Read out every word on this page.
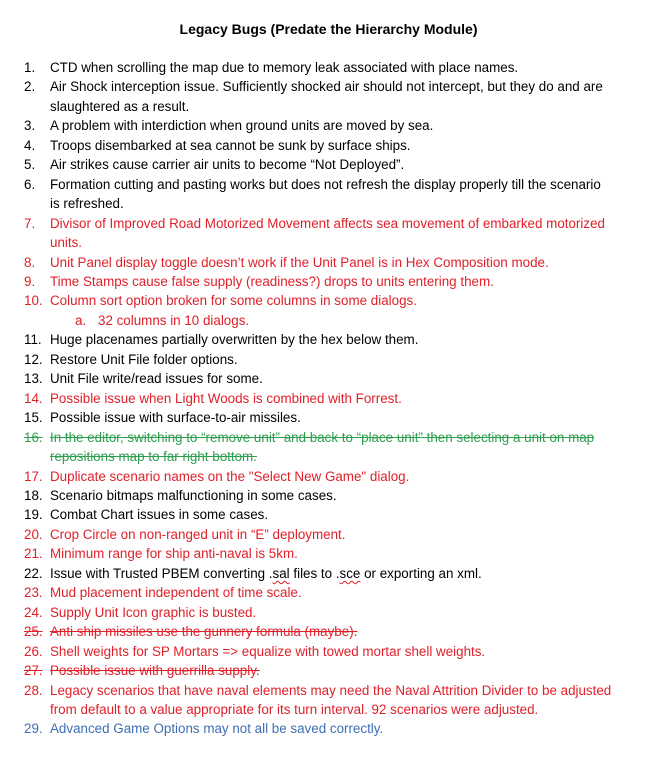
Legacy Bugs (Predate the Hierarchy Module)
1.	CTD when scrolling the map due to memory leak associated with place names.
2.	Air Shock interception issue. Sufficiently shocked air should not intercept, but they do and are slaughtered as a result.
3.	A problem with interdiction when ground units are moved by sea.
4.	Troops disembarked at sea cannot be sunk by surface ships.
5.	Air strikes cause carrier air units to become “Not Deployed”.
6.	Formation cutting and pasting works but does not refresh the display properly till the scenario is refreshed.
7.	Divisor of Improved Road Motorized Movement affects sea movement of embarked motorized units.
8.	Unit Panel display toggle doesn’t work if the Unit Panel is in Hex Composition mode.
9.	Time Stamps cause false supply (readiness?) drops to units entering them.
10. Column sort option broken for some columns in some dialogs.
a. 32 columns in 10 dialogs.
11. Huge placenames partially overwritten by the hex below them.
12. Restore Unit File folder options.
13. Unit File write/read issues for some.
14. Possible issue when Light Woods is combined with Forrest.
15. Possible issue with surface-to-air missiles.
16. In the editor, switching to “remove unit” and back to “place unit” then selecting a unit on map repositions map to far right bottom.
17. Duplicate scenario names on the "Select New Game" dialog.
18. Scenario bitmaps malfunctioning in some cases.
19. Combat Chart issues in some cases.
20. Crop Circle on non-ranged unit in “E” deployment.
21. Minimum range for ship anti-naval is 5km.
22. Issue with Trusted PBEM converting .sal files to .sce or exporting an xml.
23. Mud placement independent of time scale.
24. Supply Unit Icon graphic is busted.
25. Anti ship missiles use the gunnery formula (maybe).
26. Shell weights for SP Mortars => equalize with towed mortar shell weights.
27. Possible issue with guerrilla supply.
28. Legacy scenarios that have naval elements may need the Naval Attrition Divider to be adjusted from default to a value appropriate for its turn interval. 92 scenarios were adjusted.
29. Advanced Game Options may not all be saved correctly.
